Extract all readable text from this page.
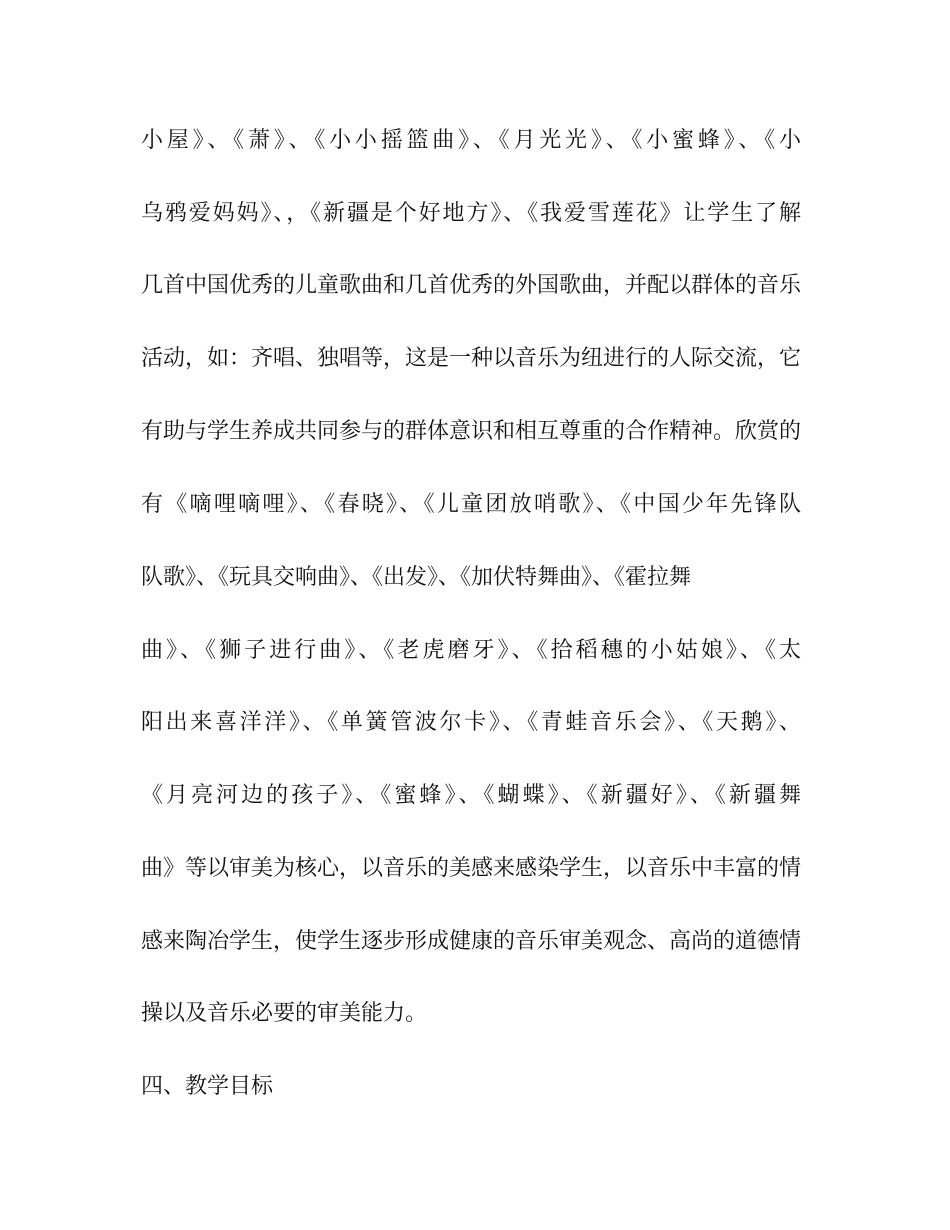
小屋》、《萧》、《小小摇篮曲》、《月光光》、《小蜜蜂》、《小
乌鸦爱妈妈》、，《新疆是个好地方》、《我爱雪莲花》让学生了解
几首中国优秀的儿童歌曲和几首优秀的外国歌曲，并配以群体的音乐
活动，如：齐唱、独唱等，这是一种以音乐为纽进行的人际交流，它
有助与学生养成共同参与的群体意识和相互尊重的合作精神。欣赏的
有《嘀哩嘀哩》、《春晓》、《儿童团放哨歌》、《中国少年先锋队
队歌》、《玩具交响曲》、《出发》、《加伏特舞曲》、《霍拉舞
曲》、《狮子进行曲》、《老虎磨牙》、《拾稻穗的小姑娘》、《太
阳出来喜洋洋》、《单簧管波尔卡》、《青蛙音乐会》、《天鹅》、
《月亮河边的孩子》、《蜜蜂》、《蝴蝶》、《新疆好》、《新疆舞
曲》等以审美为核心，以音乐的美感来感染学生，以音乐中丰富的情
感来陶冶学生，使学生逐步形成健康的音乐审美观念、高尚的道德情
操以及音乐必要的审美能力。
四、教学目标
